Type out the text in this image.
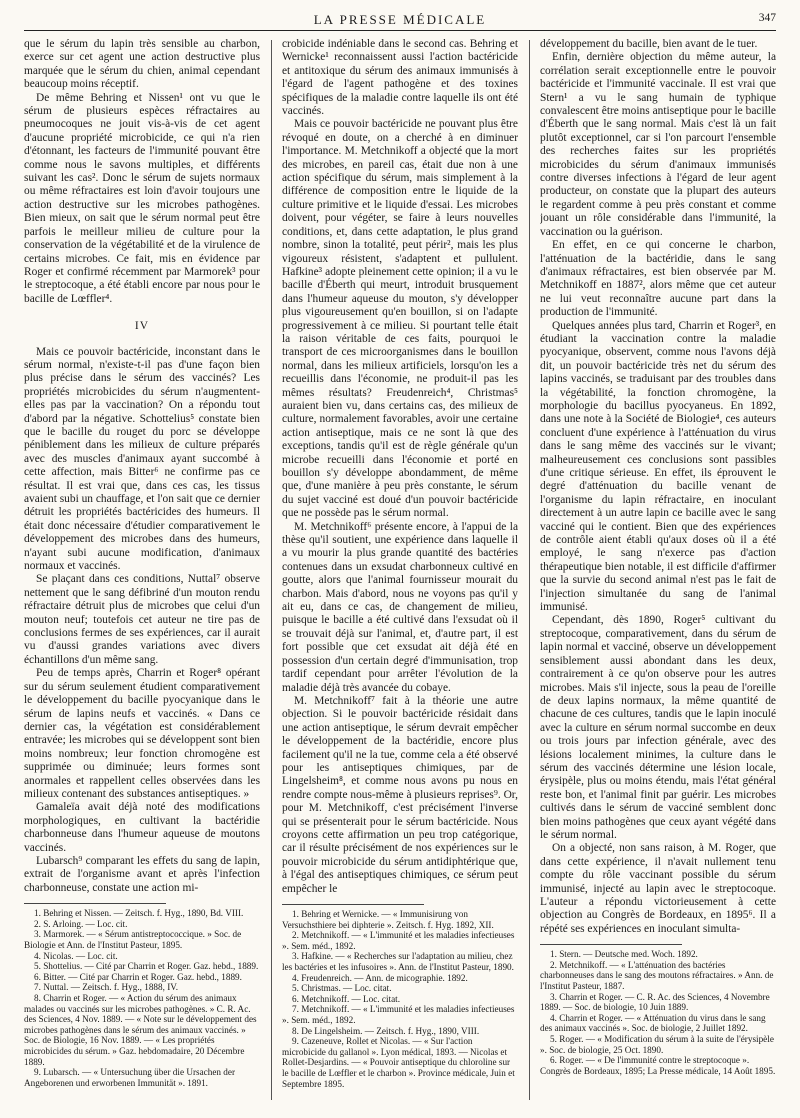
LA PRESSE MÉDICALE	347

que le sérum du lapin très sensible au charbon, exerce sur cet agent une action destructive plus marquée que le sérum du chien, animal cependant beaucoup moins réceptif.

De même Behring et Nissen¹ ont vu que le sérum de plusieurs espèces réfractaires au pneumocoques ne jouit vis-à-vis de cet agent d'aucune propriété microbicide, ce qui n'a rien d'étonnant, les facteurs de l'immunité pouvant être comme nous le savons multiples, et différents suivant les cas². Donc le sérum de sujets normaux ou même réfractaires est loin d'avoir toujours une action destructive sur les microbes pathogènes. Bien mieux, on sait que le sérum normal peut être parfois le meilleur milieu de culture pour la conservation de la végétabilité et de la virulence de certains microbes. Ce fait, mis en évidence par Roger et confirmé récemment par Marmorek³ pour le streptocoque, a été établi encore par nous pour le bacille de Lœffler⁴.

IV

Mais ce pouvoir bactéricide, inconstant dans le sérum normal, n'existe-t-il pas d'une façon bien plus précise dans le sérum des vaccinés? Les propriétés microbicides du sérum n'augmentent-elles pas par la vaccination? On a répondu tout d'abord par la négative. Schottelius⁵ constate bien que le bacille du rouget du porc se développe péniblement dans les milieux de culture préparés avec des muscles d'animaux ayant succombé à cette affection, mais Bitter⁶ ne confirme pas ce résultat. Il est vrai que, dans ces cas, les tissus avaient subi un chauffage, et l'on sait que ce dernier détruit les propriétés bactéricides des humeurs. Il était donc nécessaire d'étudier comparativement le développement des microbes dans des humeurs, n'ayant subi aucune modification, d'animaux normaux et vaccinés.

Se plaçant dans ces conditions, Nuttal⁷ observe nettement que le sang défibriné d'un mouton rendu réfractaire détruit plus de microbes que celui d'un mouton neuf; toutefois cet auteur ne tire pas de conclusions fermes de ses expériences, car il aurait vu d'aussi grandes variations avec divers échantillons d'un même sang.

Peu de temps après, Charrin et Roger⁸ opérant sur du sérum seulement étudient comparativement le développement du bacille pyocyanique dans le sérum de lapins neufs et vaccinés. « Dans ce dernier cas, la végétation est considérablement entravée; les microbes qui se développent sont bien moins nombreux; leur fonction chromogène est supprimée ou diminuée; leurs formes sont anormales et rappellent celles observées dans les milieux contenant des substances antiseptiques. »

Gamaleïa avait déjà noté des modifications morphologiques, en cultivant la bactéridie charbonneuse dans l'humeur aqueuse de moutons vaccinés.

Lubarsch⁹ comparant les effets du sang de lapin, extrait de l'organisme avant et après l'infection charbonneuse, constate une action mi-

1. Behring et Nissen. — Zeitsch. f. Hyg., 1890, Bd. VIII.
2. S. Arloing. — Loc. cit.
3. Marmorek. — « Sérum antistreptococcique. » Soc. de Biologie et Ann. de l'Institut Pasteur, 1895.
4. Nicolas. — Loc. cit.
5. Shottelius. — Cité par Charrin et Roger. Gaz. hebd., 1889.
6. Bitter. — Cité par Charrin et Roger. Gaz. hebd., 1889.
7. Nuttal. — Zeitsch. f. Hyg., 1888, IV.
8. Charrin et Roger. — « Action du sérum des animaux malades ou vaccinés sur les microbes pathogènes. » C. R. Ac. des Sciences, 4 Nov. 1889. — « Note sur le développement des microbes pathogènes dans le sérum des animaux vaccinés. » Soc. de Biologie, 16 Nov. 1889. — « Les propriétés microbicides du sérum. » Gaz. hebdomadaire, 20 Décembre 1889.
9. Lubarsch. — « Untersuchung über die Ursachen der Angeborenen und erworbenen Immunität ». 1891.

crobicide indéniable dans le second cas. Behring et Wernicke¹ reconnaissent aussi l'action bactéricide et antitoxique du sérum des animaux immunisés à l'égard de l'agent pathogène et des toxines spécifiques de la maladie contre laquelle ils ont été vaccinés.

Mais ce pouvoir bactéricide ne pouvant plus être révoqué en doute, on a cherché à en diminuer l'importance. M. Metchnikoff a objecté que la mort des microbes, en pareil cas, était due non à une action spécifique du sérum, mais simplement à la différence de composition entre le liquide de la culture primitive et le liquide d'essai. Les microbes doivent, pour végéter, se faire à leurs nouvelles conditions, et, dans cette adaptation, le plus grand nombre, sinon la totalité, peut périr², mais les plus vigoureux résistent, s'adaptent et pullulent. Hafkine³ adopte pleinement cette opinion; il a vu le bacille d'Éberth qui meurt, introduit brusquement dans l'humeur aqueuse du mouton, s'y développer plus vigoureusement qu'en bouillon, si on l'adapte progressivement à ce milieu. Si pourtant telle était la raison véritable de ces faits, pourquoi le transport de ces microorganismes dans le bouillon normal, dans les milieux artificiels, lorsqu'on les a recueillis dans l'économie, ne produit-il pas les mêmes résultats? Freudenreich⁴, Christmas⁵ auraient bien vu, dans certains cas, des milieux de culture, normalement favorables, avoir une certaine action antiseptique, mais ce ne sont là que des exceptions, tandis qu'il est de règle générale qu'un microbe recueilli dans l'économie et porté en bouillon s'y développe abondamment, de même que, d'une manière à peu près constante, le sérum du sujet vacciné est doué d'un pouvoir bactéricide que ne possède pas le sérum normal.

M. Metchnikoff⁶ présente encore, à l'appui de la thèse qu'il soutient, une expérience dans laquelle il a vu mourir la plus grande quantité des bactéries contenues dans un exsudat charbonneux cultivé en goutte, alors que l'animal fournisseur mourait du charbon. Mais d'abord, nous ne voyons pas qu'il y ait eu, dans ce cas, de changement de milieu, puisque le bacille a été cultivé dans l'exsudat où il se trouvait déjà sur l'animal, et, d'autre part, il est fort possible que cet exsudat ait déjà été en possession d'un certain degré d'immunisation, trop tardif cependant pour arrêter l'évolution de la maladie déjà très avancée du cobaye.

M. Metchnikoff⁷ fait à la théorie une autre objection. Si le pouvoir bactéricide résidait dans une action antiseptique, le sérum devrait empêcher le développement de la bactéridie, encore plus facilement qu'il ne la tue, comme cela a été observé pour les antiseptiques chimiques, par de Lingelsheim⁸, et comme nous avons pu nous en rendre compte nous-même à plusieurs reprises⁹. Or, pour M. Metchnikoff, c'est précisément l'inverse qui se présenterait pour le sérum bactéricide. Nous croyons cette affirmation un peu trop catégorique, car il résulte précisément de nos expériences sur le pouvoir microbicide du sérum antidiphtérique que, à l'égal des antiseptiques chimiques, ce sérum peut empêcher le

1. Behring et Wernicke. — « Immunisirung von Versuchsthiere bei diphterie ». Zeitsch. f. Hyg. 1892, XII.
2. Metchnikoff. — « L'immunité et les maladies infectieuses ». Sem. méd., 1892.
3. Hafkine. — « Recherches sur l'adaptation au milieu, chez les bactéries et les infusoires ». Ann. de l'Institut Pasteur, 1890.
4. Freudenreich. — Ann. de micographie. 1892.
5. Christmas. — Loc. citat.
6. Metchnikoff. — Loc. citat.
7. Metchnikoff. — « L'immunité et les maladies infectieuses ». Sem. méd., 1892.
8. De Lingelsheim. — Zeitsch. f. Hyg., 1890, VIII.
9. Cazeneuve, Rollet et Nicolas. — « Sur l'action microbicide du gallanol ». Lyon médical, 1893. — Nicolas et Rollet-Desjardins. — « Pouvoir antiseptique du chloroline sur le bacille de Lœffler et le charbon ». Province médicale, Juin et Septembre 1895.

développement du bacille, bien avant de le tuer.

Enfin, dernière objection du même auteur, la corrélation serait exceptionnelle entre le pouvoir bactéricide et l'immunité vaccinale. Il est vrai que Stern¹ a vu le sang humain de typhique convalescent être moins antiseptique pour le bacille d'Éberth que le sang normal. Mais c'est là un fait plutôt exceptionnel, car si l'on parcourt l'ensemble des recherches faites sur les propriétés microbicides du sérum d'animaux immunisés contre diverses infections à l'égard de leur agent producteur, on constate que la plupart des auteurs le regardent comme à peu près constant et comme jouant un rôle considérable dans l'immunité, la vaccination ou la guérison.

En effet, en ce qui concerne le charbon, l'atténuation de la bactéridie, dans le sang d'animaux réfractaires, est bien observée par M. Metchnikoff en 1887², alors même que cet auteur ne lui veut reconnaître aucune part dans la production de l'immunité.

Quelques années plus tard, Charrin et Roger³, en étudiant la vaccination contre la maladie pyocyanique, observent, comme nous l'avons déjà dit, un pouvoir bactéricide très net du sérum des lapins vaccinés, se traduisant par des troubles dans la végétabilité, la fonction chromogène, la morphologie du bacillus pyocyaneus. En 1892, dans une note à la Société de Biologie⁴, ces auteurs concluent d'une expérience à l'atténuation du virus dans le sang même des vaccinés sur le vivant; malheureusement ces conclusions sont passibles d'une critique sérieuse. En effet, ils éprouvent le degré d'atténuation du bacille venant de l'organisme du lapin réfractaire, en inoculant directement à un autre lapin ce bacille avec le sang vacciné qui le contient. Bien que des expériences de contrôle aient établi qu'aux doses où il a été employé, le sang n'exerce pas d'action thérapeutique bien notable, il est difficile d'affirmer que la survie du second animal n'est pas le fait de l'injection simultanée du sang de l'animal immunisé.

Cependant, dès 1890, Roger⁵ cultivant du streptocoque, comparativement, dans du sérum de lapin normal et vacciné, observe un développement sensiblement aussi abondant dans les deux, contrairement à ce qu'on observe pour les autres microbes. Mais s'il injecte, sous la peau de l'oreille de deux lapins normaux, la même quantité de chacune de ces cultures, tandis que le lapin inoculé avec la culture en sérum normal succombe en deux ou trois jours par infection générale, avec des lésions localement minimes, la culture dans le sérum des vaccinés détermine une lésion locale, érysipèle, plus ou moins étendu, mais l'état général reste bon, et l'animal finit par guérir. Les microbes cultivés dans le sérum de vacciné semblent donc bien moins pathogènes que ceux ayant végété dans le sérum normal.

On a objecté, non sans raison, à M. Roger, que dans cette expérience, il n'avait nullement tenu compte du rôle vaccinant possible du sérum immunisé, injecté au lapin avec le streptocoque. L'auteur a répondu victorieusement à cette objection au Congrès de Bordeaux, en 1895⁶. Il a répété ses expériences en inoculant simulta-

1. Stern. — Deutsche med. Woch. 1892.
2. Metchnikoff. — « L'atténuation des bactéries charbonneuses dans le sang des moutons réfractaires. » Ann. de l'Institut Pasteur, 1887.
3. Charrin et Roger. — C. R. Ac. des Sciences, 4 Novembre 1889. — Soc. de biologie, 10 Juin 1889.
4. Charrin et Roger. — « Atténuation du virus dans le sang des animaux vaccinés ». Soc. de biologie, 2 Juillet 1892.
5. Roger. — « Modification du sérum à la suite de l'érysipèle ». Soc. de biologie, 25 Oct. 1890.
6. Roger. — « De l'immunité contre le streptocoque ». Congrès de Bordeaux, 1895; La Presse médicale, 14 Août 1895.
